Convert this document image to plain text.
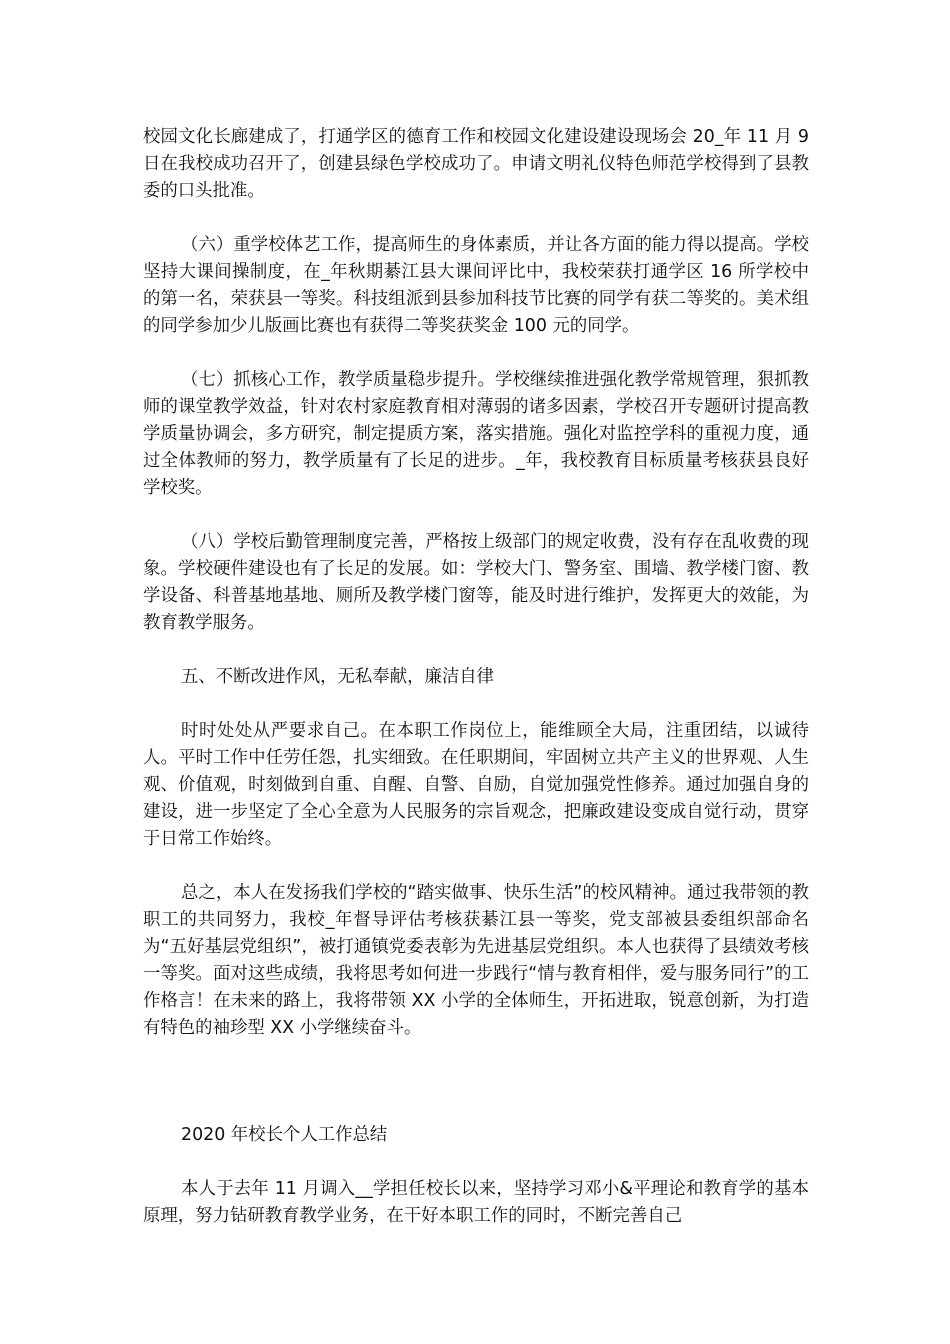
校园文化长廊建成了，打通学区的德育工作和校园文化建设建设现场会 20_年 11 月 9 日在我校成功召开了，创建县绿色学校成功了。申请文明礼仪特色师范学校得到了县教委的口头批准。

（六）重学校体艺工作，提高师生的身体素质，并让各方面的能力得以提高。学校坚持大课间操制度，在_年秋期綦江县大课间评比中，我校荣获打通学区 16 所学校中的第一名，荣获县一等奖。科技组派到县参加科技节比赛的同学有获二等奖的。美术组的同学参加少儿版画比赛也有获得二等奖获奖金 100 元的同学。

（七）抓核心工作，教学质量稳步提升。学校继续推进强化教学常规管理，狠抓教师的课堂教学效益，针对农村家庭教育相对薄弱的诸多因素，学校召开专题研讨提高教学质量协调会，多方研究，制定提质方案，落实措施。强化对监控学科的重视力度，通过全体教师的努力，教学质量有了长足的进步。_年，我校教育目标质量考核获县良好学校奖。

（八）学校后勤管理制度完善，严格按上级部门的规定收费，没有存在乱收费的现象。学校硬件建设也有了长足的发展。如：学校大门、警务室、围墙、教学楼门窗、教学设备、科普基地基地、厕所及教学楼门窗等，能及时进行维护，发挥更大的效能，为教育教学服务。

五、不断改进作风，无私奉献，廉洁自律

时时处处从严要求自己。在本职工作岗位上，能维顾全大局，注重团结，以诚待人。平时工作中任劳任怨，扎实细致。在任职期间，牢固树立共产主义的世界观、人生观、价值观，时刻做到自重、自醒、自警、自励，自觉加强党性修养。通过加强自身的建设，进一步坚定了全心全意为人民服务的宗旨观念，把廉政建设变成自觉行动，贯穿于日常工作始终。

总之，本人在发扬我们学校的“踏实做事、快乐生活”的校风精神。通过我带领的教职工的共同努力，我校_年督导评估考核获綦江县一等奖，党支部被县委组织部命名为“五好基层党组织”，被打通镇党委表彰为先进基层党组织。本人也获得了县绩效考核一等奖。面对这些成绩，我将思考如何进一步践行“情与教育相伴，爱与服务同行”的工作格言！在未来的路上，我将带领 XX 小学的全体师生，开拓进取，锐意创新，为打造有特色的袖珍型 XX 小学继续奋斗。

2020 年校长个人工作总结

本人于去年 11 月调入__学担任校长以来，坚持学习邓小&平理论和教育学的基本原理，努力钻研教育教学业务，在干好本职工作的同时，不断完善自己
